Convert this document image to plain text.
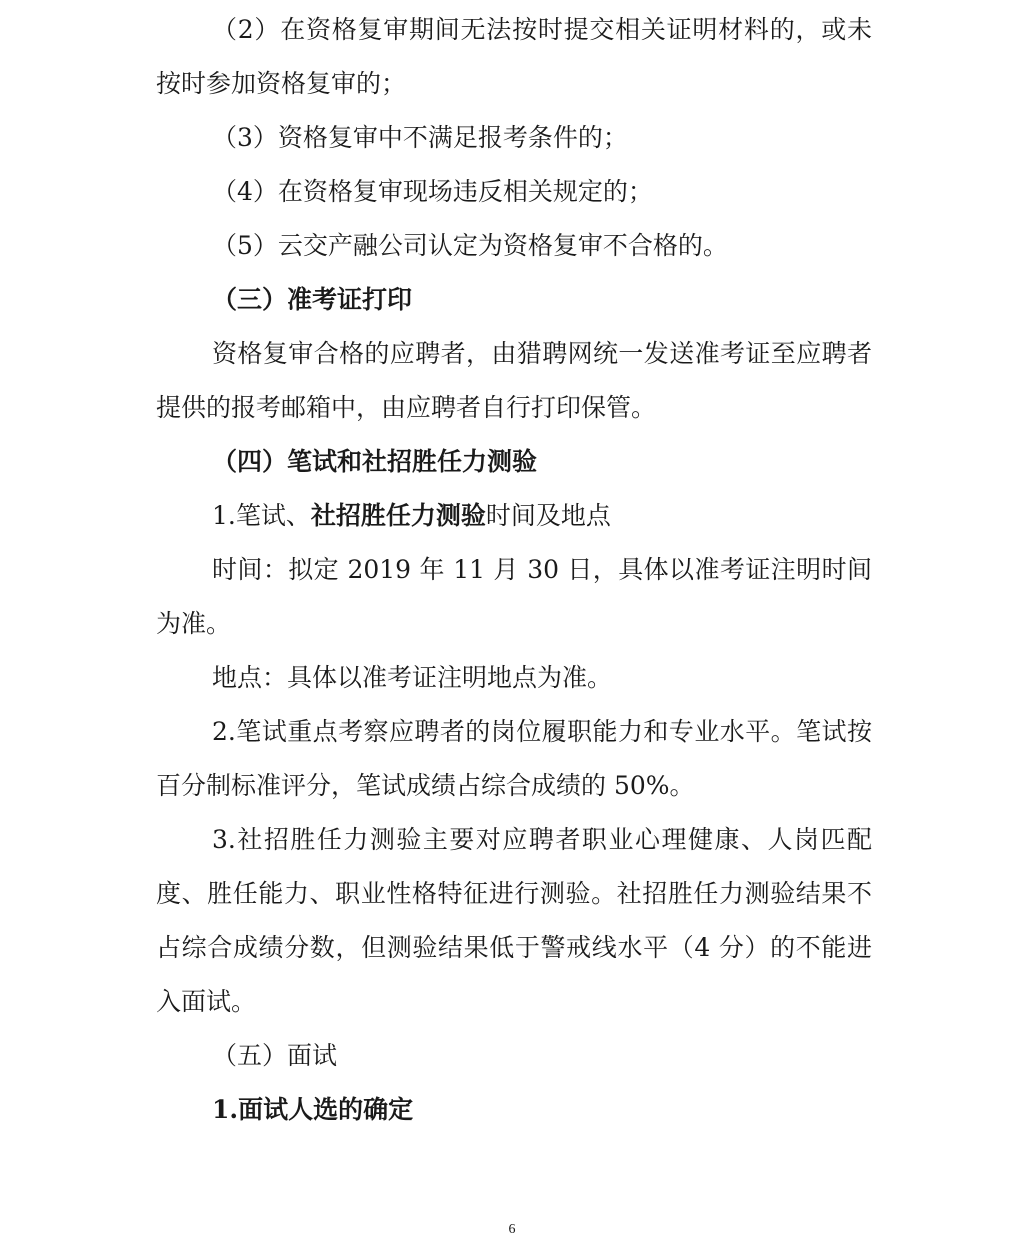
（2）在资格复审期间无法按时提交相关证明材料的，或未按时参加资格复审的；

（3）资格复审中不满足报考条件的；

（4）在资格复审现场违反相关规定的；

（5）云交产融公司认定为资格复审不合格的。

（三）准考证打印

资格复审合格的应聘者，由猎聘网统一发送准考证至应聘者提供的报考邮箱中，由应聘者自行打印保管。

（四）笔试和社招胜任力测验

1.笔试、社招胜任力测验时间及地点

时间：拟定 2019 年 11 月 30 日，具体以准考证注明时间为准。

地点：具体以准考证注明地点为准。

2.笔试重点考察应聘者的岗位履职能力和专业水平。笔试按百分制标准评分，笔试成绩占综合成绩的 50%。

3.社招胜任力测验主要对应聘者职业心理健康、人岗匹配度、胜任能力、职业性格特征进行测验。社招胜任力测验结果不占综合成绩分数，但测验结果低于警戒线水平（4 分）的不能进入面试。

（五）面试

1.面试人选的确定

6
